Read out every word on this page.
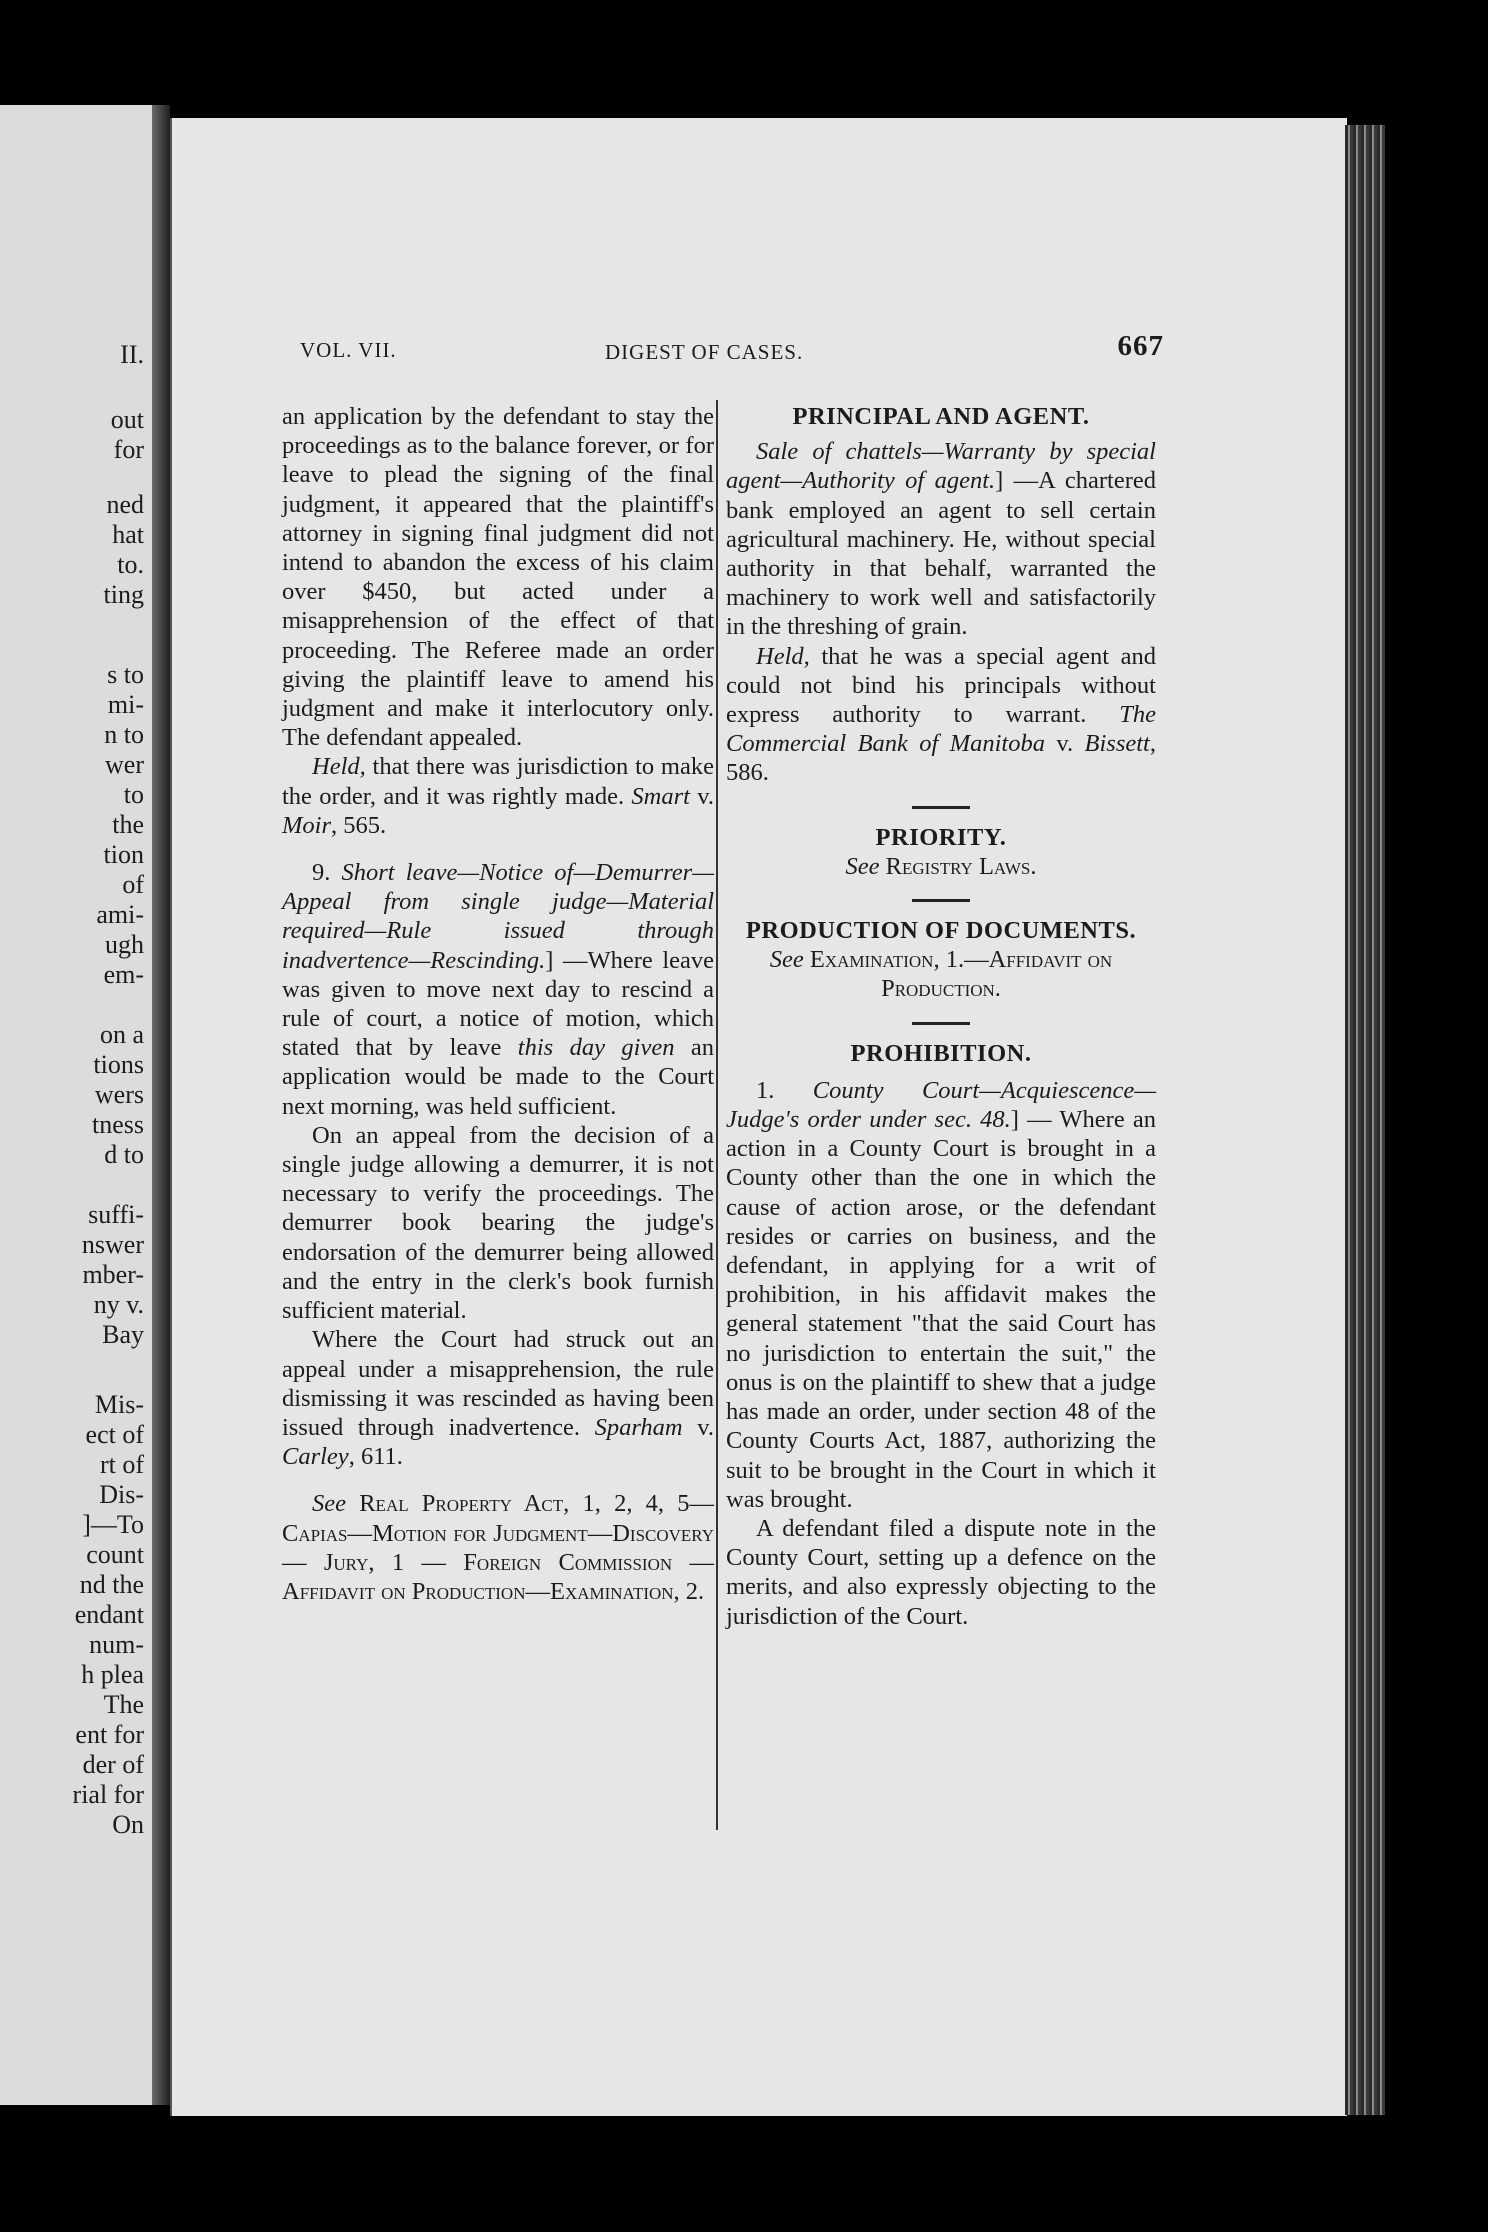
II.
out
for
ned
hat
to.
ting
s to
mi-
n to
wer
to
the
tion
of
ami-
ugh
em-
on a
tions
wers
tness
d to
suffi-
nswer
mber-
ny v.
Bay
Mis-
ect of
rt of
Dis-
]—To
count
nd the
endant
num-
h plea
The
ent for
der of
rial for
On
VOL. VII.	DIGEST OF CASES.	667

an application by the defendant to stay the proceedings as to the balance forever, or for leave to plead the signing of the final judgment, it appeared that the plaintiff's attorney in signing final judgment did not intend to abandon the excess of his claim over $450, but acted under a misapprehension of the effect of that proceeding. The Referee made an order giving the plaintiff leave to amend his judgment and make it interlocutory only. The defendant appealed.

Held, that there was jurisdiction to make the order, and it was rightly made. Smart v. Moir, 565.

9. Short leave—Notice of—Demurrer—Appeal from single judge—Material required—Rule issued through inadvertence—Rescinding.] —Where leave was given to move next day to rescind a rule of court, a notice of motion, which stated that by leave this day given an application would be made to the Court next morning, was held sufficient.

On an appeal from the decision of a single judge allowing a demurrer, it is not necessary to verify the proceedings. The demurrer book bearing the judge's endorsation of the demurrer being allowed and the entry in the clerk's book furnish sufficient material.

Where the Court had struck out an appeal under a misapprehension, the rule dismissing it was rescinded as having been issued through inadvertence. Sparham v. Carley, 611.

See Real Property Act, 1, 2, 4, 5—Capias—Motion for Judgment—Discovery — Jury, 1 — Foreign Commission — Affidavit on Production—Examination, 2.

PRINCIPAL AND AGENT.

Sale of chattels—Warranty by special agent—Authority of agent.] —A chartered bank employed an agent to sell certain agricultural machinery. He, without special authority in that behalf, warranted the machinery to work well and satisfactorily in the threshing of grain.

Held, that he was a special agent and could not bind his principals without express authority to warrant. The Commercial Bank of Manitoba v. Bissett, 586.

PRIORITY.

See Registry Laws.

PRODUCTION OF DOCUMENTS.

See Examination, 1.—Affidavit on Production.

PROHIBITION.

1. County Court—Acquiescence—Judge's order under sec. 48.] — Where an action in a County Court is brought in a County other than the one in which the cause of action arose, or the defendant resides or carries on business, and the defendant, in applying for a writ of prohibition, in his affidavit makes the general statement "that the said Court has no jurisdiction to entertain the suit," the onus is on the plaintiff to shew that a judge has made an order, under section 48 of the County Courts Act, 1887, authorizing the suit to be brought in the Court in which it was brought.

A defendant filed a dispute note in the County Court, setting up a defence on the merits, and also expressly objecting to the jurisdiction of the Court.
